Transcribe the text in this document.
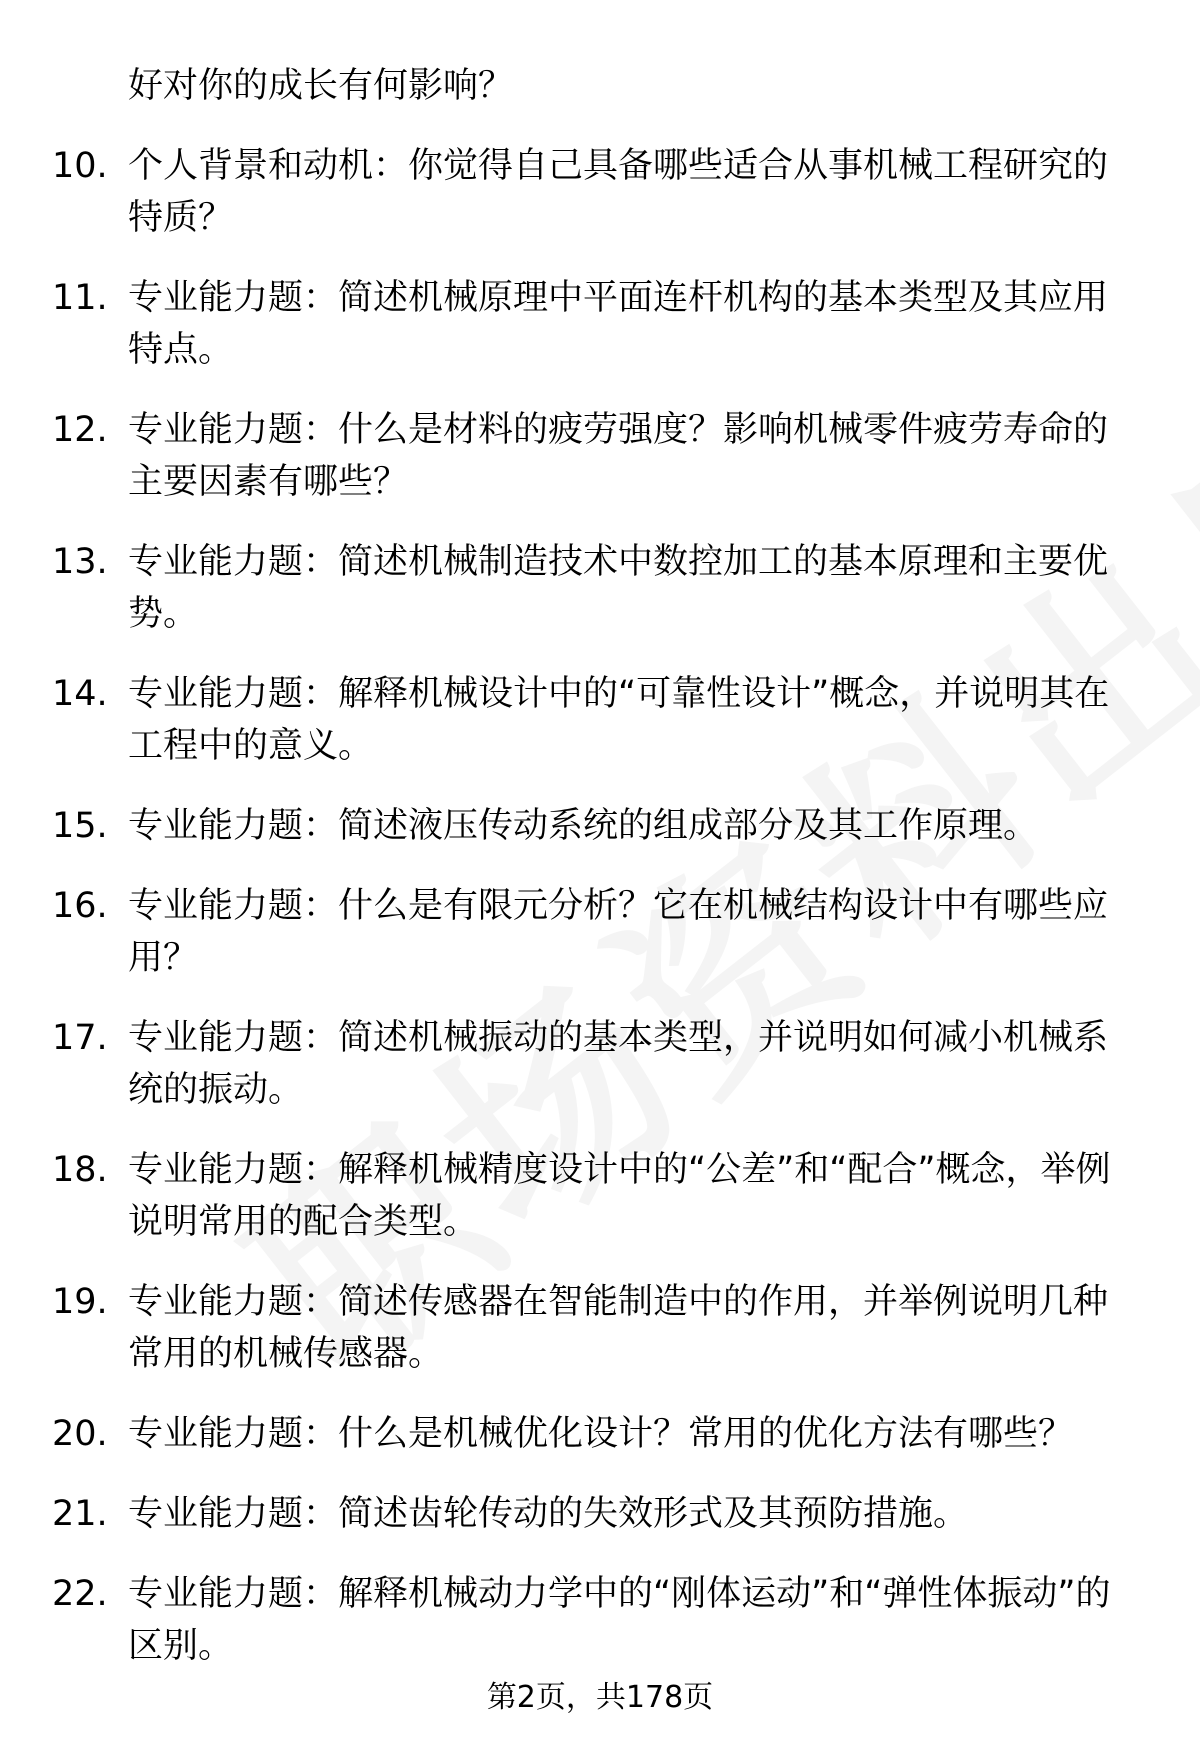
好对你的成长有何影响？
10. 个人背景和动机：你觉得自己具备哪些适合从事机械工程研究的特质？
11. 专业能力题：简述机械原理中平面连杆机构的基本类型及其应用特点。
12. 专业能力题：什么是材料的疲劳强度？影响机械零件疲劳寿命的主要因素有哪些？
13. 专业能力题：简述机械制造技术中数控加工的基本原理和主要优势。
14. 专业能力题：解释机械设计中的“可靠性设计”概念，并说明其在工程中的意义。
15. 专业能力题：简述液压传动系统的组成部分及其工作原理。
16. 专业能力题：什么是有限元分析？它在机械结构设计中有哪些应用？
17. 专业能力题：简述机械振动的基本类型，并说明如何减小机械系统的振动。
18. 专业能力题：解释机械精度设计中的“公差”和“配合”概念，举例说明常用的配合类型。
19. 专业能力题：简述传感器在智能制造中的作用，并举例说明几种常用的机械传感器。
20. 专业能力题：什么是机械优化设计？常用的优化方法有哪些？
21. 专业能力题：简述齿轮传动的失效形式及其预防措施。
22. 专业能力题：解释机械动力学中的“刚体运动”和“弹性体振动”的区别。
第2页，共178页
